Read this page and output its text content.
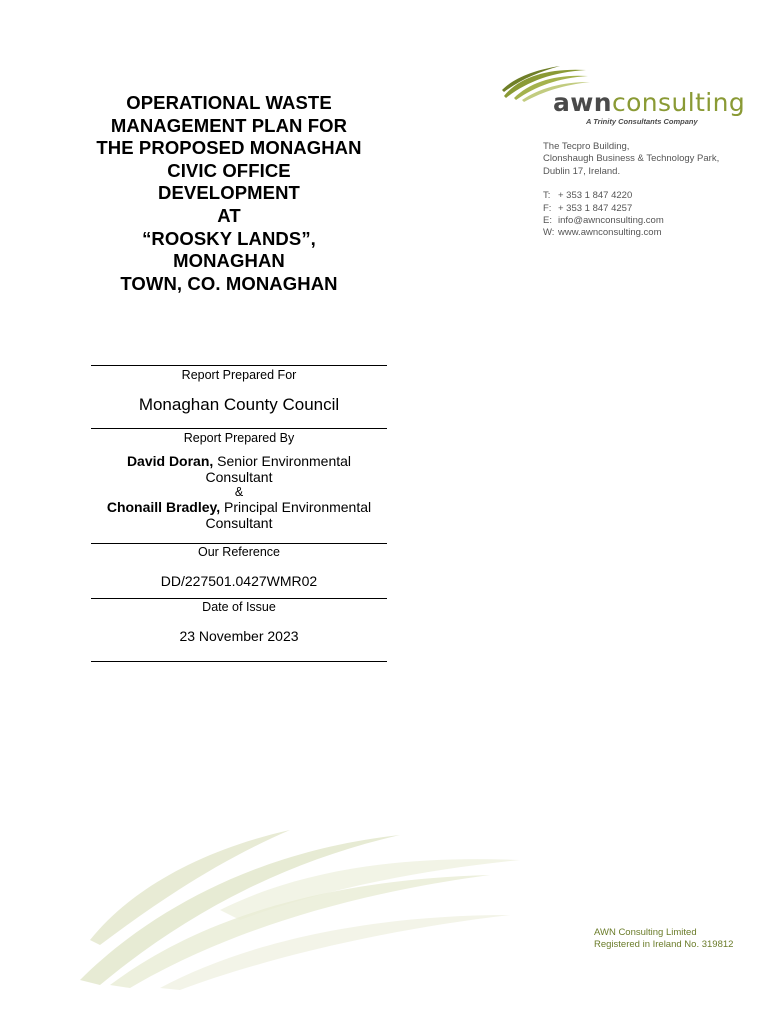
OPERATIONAL WASTE
MANAGEMENT PLAN FOR
THE PROPOSED MONAGHAN
CIVIC OFFICE
DEVELOPMENT
AT
“ROOSKY LANDS”,
MONAGHAN
TOWN, CO. MONAGHAN
awnconsulting
A Trinity Consultants Company
The Tecpro Building,
Clonshaugh Business & Technology Park,
Dublin 17, Ireland.
T: + 353 1 847 4220
F: + 353 1 847 4257
E: info@awnconsulting.com
W: www.awnconsulting.com
Report Prepared For
Monaghan County Council
Report Prepared By
David Doran, Senior Environmental
Consultant
&
Chonaill Bradley, Principal Environmental
Consultant
Our Reference
DD/227501.0427WMR02
Date of Issue
23 November 2023
AWN Consulting Limited
Registered in Ireland No. 319812
